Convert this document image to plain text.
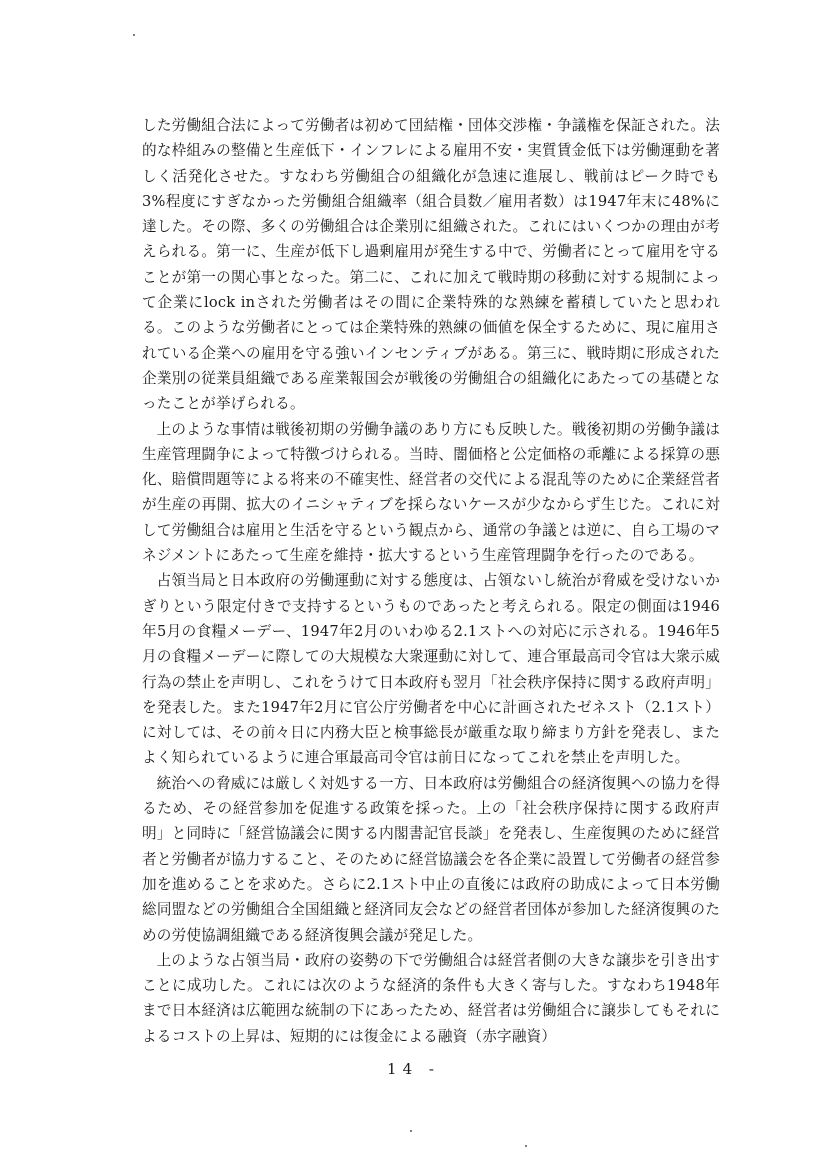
した労働組合法によって労働者は初めて団結権・団体交渉権・争議権を保証された。法的な枠組みの整備と生産低下・インフレによる雇用不安・実質賃金低下は労働運動を著しく活発化させた。すなわち労働組合の組織化が急速に進展し、戦前はピーク時でも3%程度にすぎなかった労働組合組織率（組合員数／雇用者数）は1947年末に48%に達した。その際、多くの労働組合は企業別に組織された。これにはいくつかの理由が考えられる。第一に、生産が低下し過剰雇用が発生する中で、労働者にとって雇用を守ることが第一の関心事となった。第二に、これに加えて戦時期の移動に対する規制によって企業にlock inされた労働者はその間に企業特殊的な熟練を蓄積していたと思われる。このような労働者にとっては企業特殊的熟練の価値を保全するために、現に雇用されている企業への雇用を守る強いインセンティブがある。第三に、戦時期に形成された企業別の従業員組織である産業報国会が戦後の労働組合の組織化にあたっての基礎となったことが挙げられる。

上のような事情は戦後初期の労働争議のあり方にも反映した。戦後初期の労働争議は生産管理闘争によって特徴づけられる。当時、闇価格と公定価格の乖離による採算の悪化、賠償問題等による将来の不確実性、経営者の交代による混乱等のために企業経営者が生産の再開、拡大のイニシャティブを採らないケースが少なからず生じた。これに対して労働組合は雇用と生活を守るという観点から、通常の争議とは逆に、自ら工場のマネジメントにあたって生産を維持・拡大するという生産管理闘争を行ったのである。

占領当局と日本政府の労働運動に対する態度は、占領ないし統治が脅威を受けないかぎりという限定付きで支持するというものであったと考えられる。限定の側面は1946年5月の食糧メーデー、1947年2月のいわゆる2.1ストへの対応に示される。1946年5月の食糧メーデーに際しての大規模な大衆運動に対して、連合軍最高司令官は大衆示威行為の禁止を声明し、これをうけて日本政府も翌月「社会秩序保持に関する政府声明」を発表した。また1947年2月に官公庁労働者を中心に計画されたゼネスト（2.1スト）に対しては、その前々日に内務大臣と検事総長が厳重な取り締まり方針を発表し、またよく知られているように連合軍最高司令官は前日になってこれを禁止を声明した。

統治への脅威には厳しく対処する一方、日本政府は労働組合の経済復興への協力を得るため、その経営参加を促進する政策を採った。上の「社会秩序保持に関する政府声明」と同時に「経営協議会に関する内閣書記官長談」を発表し、生産復興のために経営者と労働者が協力すること、そのために経営協議会を各企業に設置して労働者の経営参加を進めることを求めた。さらに2.1スト中止の直後には政府の助成によって日本労働総同盟などの労働組合全国組織と経済同友会などの経営者団体が参加した経済復興のための労使協調組織である経済復興会議が発足した。

上のような占領当局・政府の姿勢の下で労働組合は経営者側の大きな譲歩を引き出すことに成功した。これには次のような経済的条件も大きく寄与した。すなわち1948年まで日本経済は広範囲な統制の下にあったため、経営者は労働組合に譲歩してもそれによるコストの上昇は、短期的には復金による融資（赤字融資）

14 -
